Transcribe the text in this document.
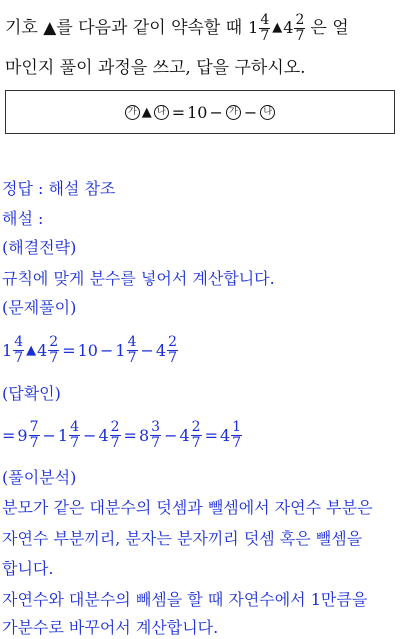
기호 ▲를 다음과 같이 약속할 때 $1 \frac{4}{7}$ ▲ $4 \frac{2}{7}$ 은 얼
마인지 풀이 과정을 쓰고, 답을 구하시오.
가 ▲ 나 = 10 − 가 − 나
정답 : 해설 참조
해설 :
(해결전략)
규칙에 맞게 분수를 넣어서 계산합니다.
(문제풀이)
$1 \frac{4}{7}$ ▲ $4 \frac{2}{7} = 10 - 1 \frac{4}{7} - 4 \frac{2}{7}$
(답확인)
= $9 \frac{7}{7} - 1 \frac{4}{7} - 4 \frac{2}{7} = 8 \frac{3}{7} - 4 \frac{2}{7} = 4 \frac{1}{7}$
(풀이분석)
분모가 같은 대분수의 덧셈과 뺄셈에서 자연수 부분은
자연수 부분끼리, 분자는 분자끼리 덧셈 혹은 뺄셈을
합니다.
자연수와 대분수의 빼셈을 할 때 자연수에서 1만큼을
가분수로 바꾸어서 계산합니다.
